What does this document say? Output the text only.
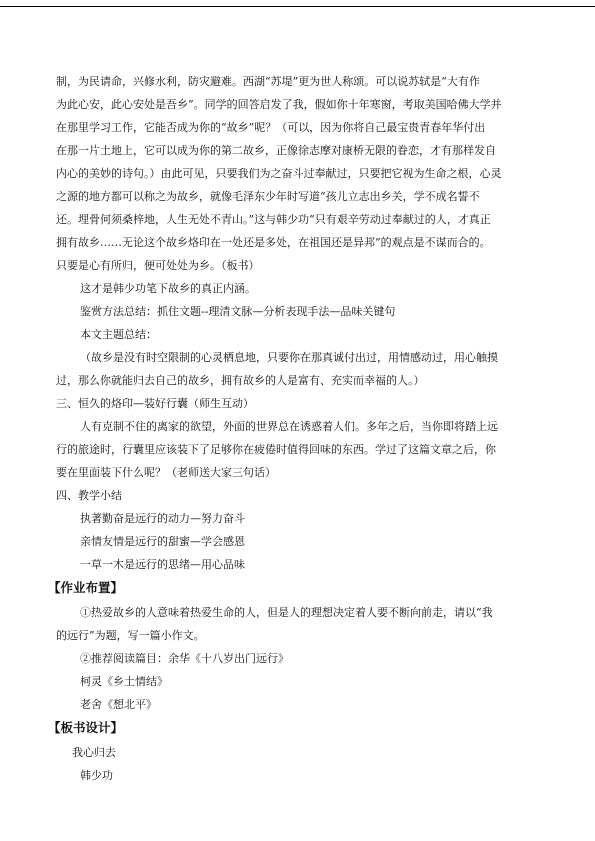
制，为民请命，兴修水利，防灾避难。西湖“苏堤”更为世人称颂。可以说苏轼是“大有作
为此心安，此心安处是吾乡”。同学的回答启发了我，假如你十年寒窗，考取美国哈佛大学并
在那里学习工作，它能否成为你的“故乡”呢？（可以，因为你将自己最宝贵青春年华付出
在那一片土地上，它可以成为你的第二故乡，正像徐志摩对康桥无限的眷恋，才有那样发自
内心的美妙的诗句。）由此可见，只要我们为之奋斗过奉献过，只要把它视为生命之根，心灵
之源的地方都可以称之为故乡，就像毛泽东少年时写道“孩儿立志出乡关，学不成名誓不
还。埋骨何须桑梓地，人生无处不青山。”这与韩少功“只有艰辛劳动过奉献过的人，才真正
拥有故乡……无论这个故乡烙印在一处还是多处，在祖国还是异邦”的观点是不谋而合的。
只要是心有所归，便可处处为乡。（板书）
这才是韩少功笔下故乡的真正内涵。
鉴赏方法总结：抓住文题--理清文脉—分析表现手法—品味关键句
本文主题总结：
（故乡是没有时空限制的心灵栖息地，只要你在那真诚付出过，用情感动过，用心触摸
过，那么你就能归去自己的故乡，拥有故乡的人是富有、充实而幸福的人。）
三、恒久的烙印—装好行囊（师生互动）
人有克制不住的离家的欲望，外面的世界总在诱惑着人们。多年之后，当你即将踏上远
行的旅途时，行囊里应该装下了足够你在疲倦时值得回味的东西。学过了这篇文章之后，你
要在里面装下什么呢？（老师送大家三句话）
四、教学小结
执著勤奋是远行的动力—努力奋斗
亲情友情是远行的甜蜜—学会感恩
一草一木是远行的思绪—用心品味
【作业布置】
①热爱故乡的人意味着热爱生命的人，但是人的理想决定着人要不断向前走，请以“我
的远行”为题，写一篇小作文。
②推荐阅读篇目：余华《十八岁出门远行》
柯灵《乡土情结》
老舍《想北平》
【板书设计】
我心归去
韩少功
